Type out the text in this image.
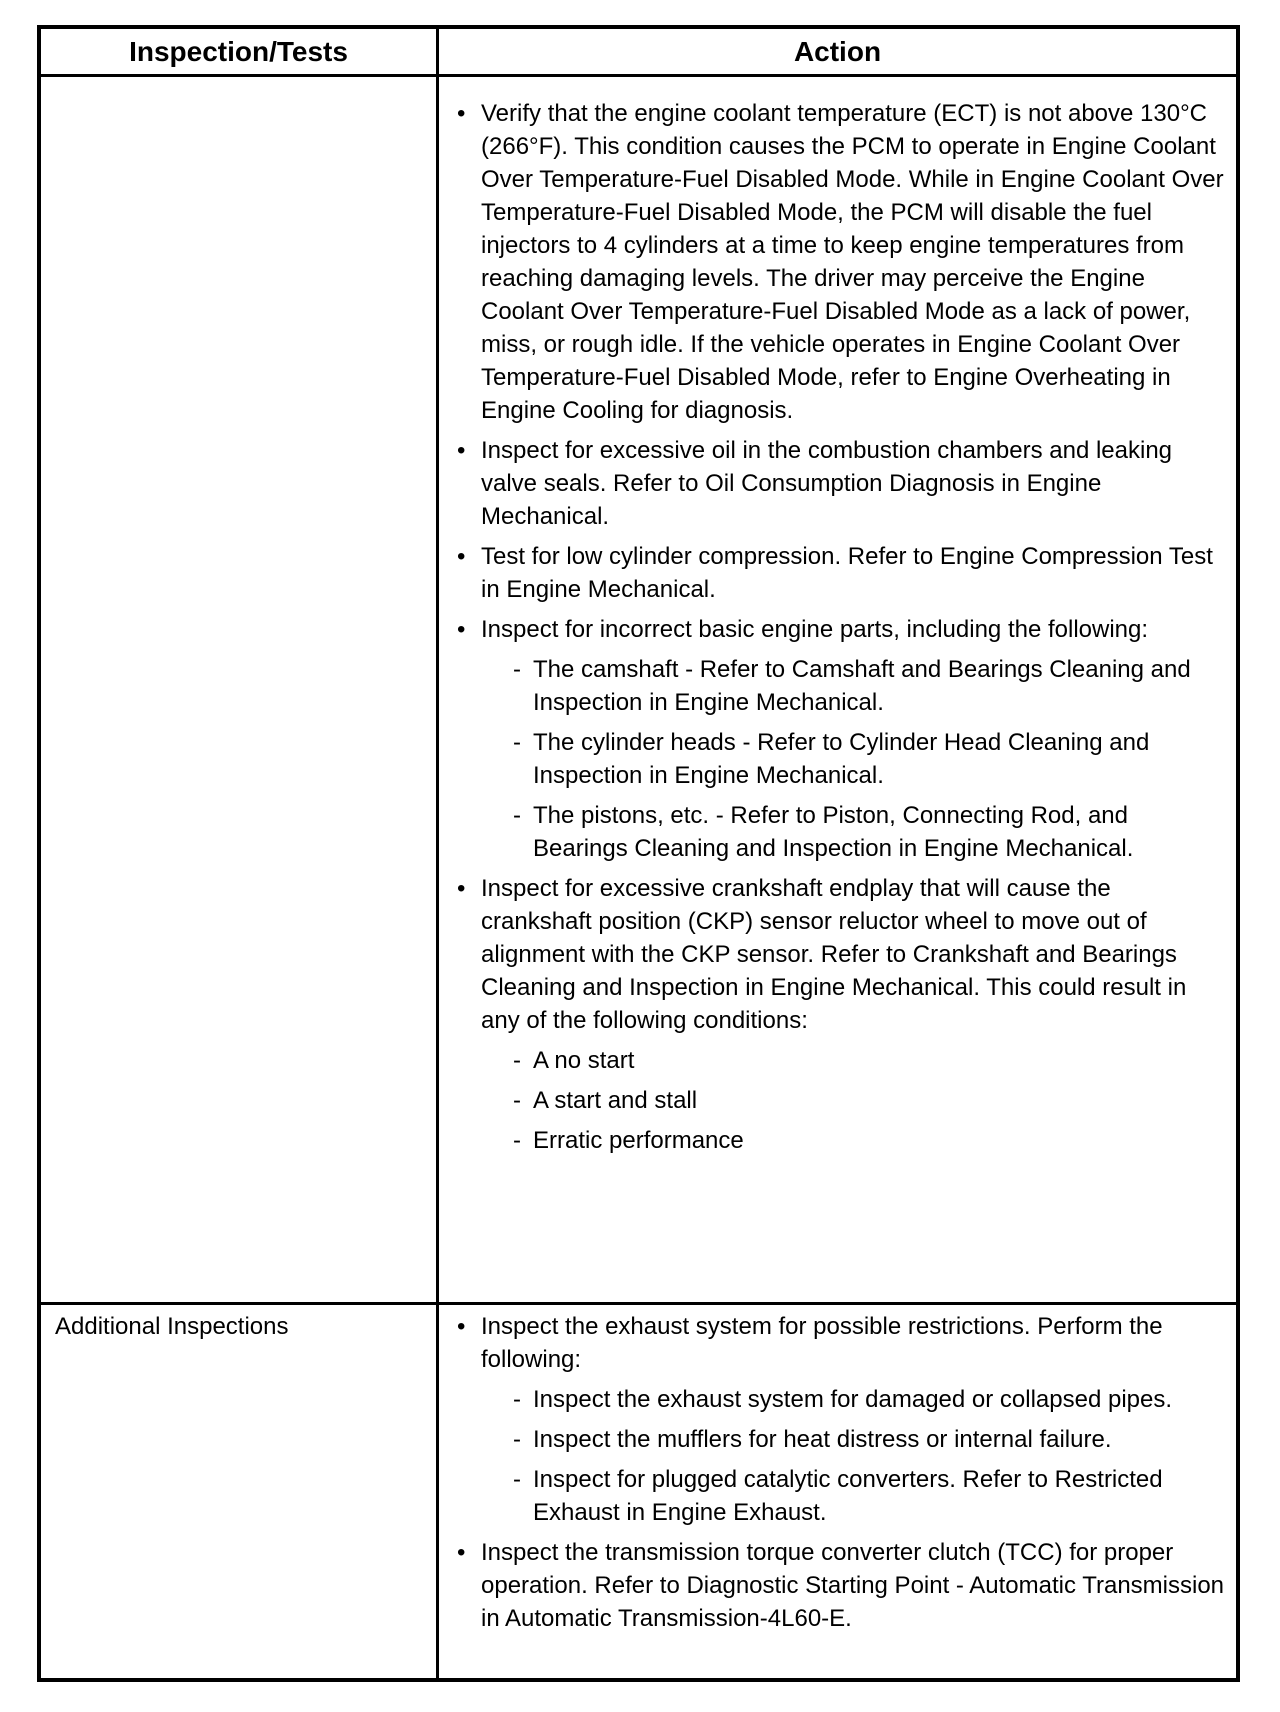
Inspection/Tests	Action
• Verify that the engine coolant temperature (ECT) is not above 130°C (266°F). This condition causes the PCM to operate in Engine Coolant Over Temperature-Fuel Disabled Mode. While in Engine Coolant Over Temperature-Fuel Disabled Mode, the PCM will disable the fuel injectors to 4 cylinders at a time to keep engine temperatures from reaching damaging levels. The driver may perceive the Engine Coolant Over Temperature-Fuel Disabled Mode as a lack of power, miss, or rough idle. If the vehicle operates in Engine Coolant Over Temperature-Fuel Disabled Mode, refer to Engine Overheating in Engine Cooling for diagnosis.
• Inspect for excessive oil in the combustion chambers and leaking valve seals. Refer to Oil Consumption Diagnosis in Engine Mechanical.
• Test for low cylinder compression. Refer to Engine Compression Test in Engine Mechanical.
• Inspect for incorrect basic engine parts, including the following:
- The camshaft - Refer to Camshaft and Bearings Cleaning and Inspection in Engine Mechanical.
- The cylinder heads - Refer to Cylinder Head Cleaning and Inspection in Engine Mechanical.
- The pistons, etc. - Refer to Piston, Connecting Rod, and Bearings Cleaning and Inspection in Engine Mechanical.
• Inspect for excessive crankshaft endplay that will cause the crankshaft position (CKP) sensor reluctor wheel to move out of alignment with the CKP sensor. Refer to Crankshaft and Bearings Cleaning and Inspection in Engine Mechanical. This could result in any of the following conditions:
- A no start
- A start and stall
- Erratic performance
Additional Inspections	• Inspect the exhaust system for possible restrictions. Perform the following:
- Inspect the exhaust system for damaged or collapsed pipes.
- Inspect the mufflers for heat distress or internal failure.
- Inspect for plugged catalytic converters. Refer to Restricted Exhaust in Engine Exhaust.
• Inspect the transmission torque converter clutch (TCC) for proper operation. Refer to Diagnostic Starting Point - Automatic Transmission in Automatic Transmission-4L60-E.
